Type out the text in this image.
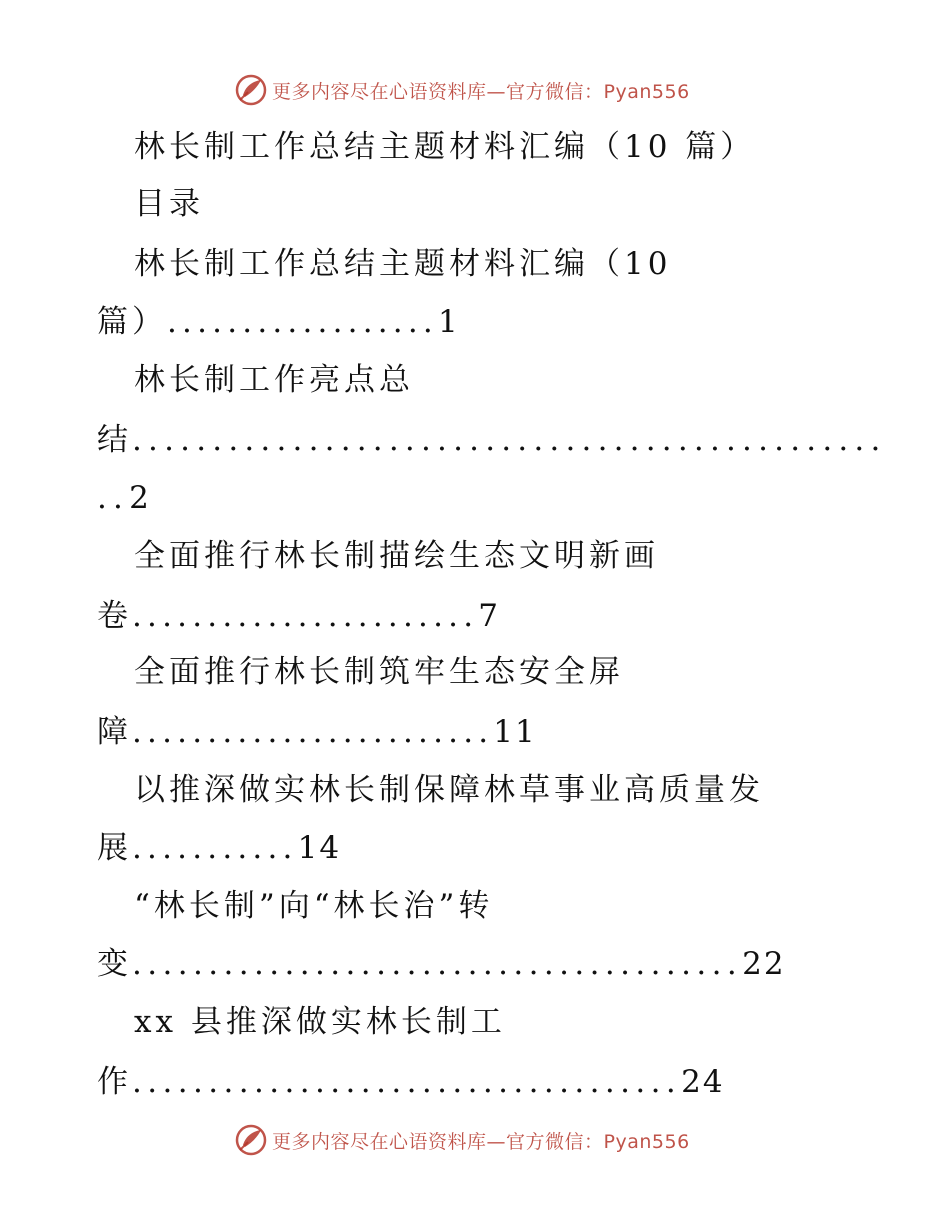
更多内容尽在心语资料库—官方微信：Pyan556
林长制工作总结主题材料汇编（10 篇）
目录
林长制工作总结主题材料汇编（10
篇）..................1
林长制工作亮点总
结...............................................
..2
全面推行林长制描绘生态文明新画
卷.......................7
全面推行林长制筑牢生态安全屏
障........................11
以推深做实林长制保障林草事业高质量发
展...........14
“林长制”向“林长治”转
变........................................22
xx 县推深做实林长制工
作....................................24
更多内容尽在心语资料库—官方微信：Pyan556
